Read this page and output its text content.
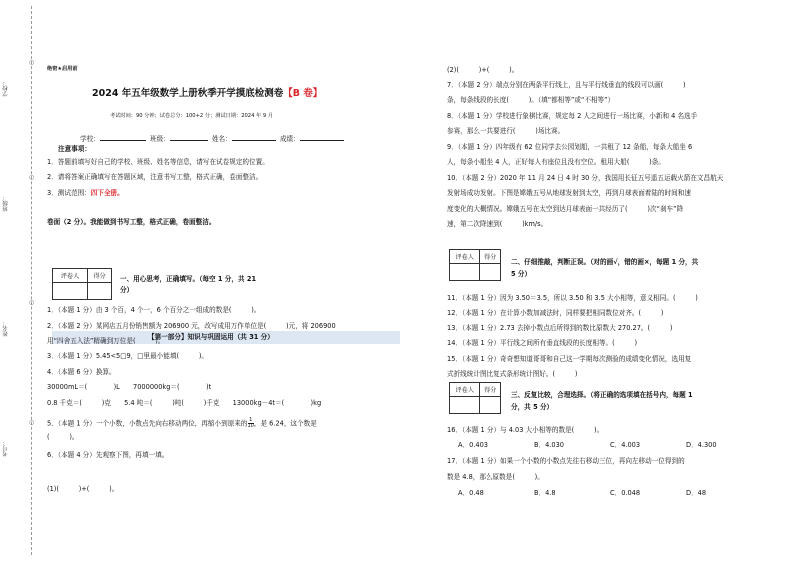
○
○
○
○
学校：
班级：
姓名：
考号：
绝密★启用前
2024 年五年级数学上册秋季开学摸底检测卷【B 卷】
考试时间：90 分钟；试卷总分：100+2 分；测试日期：2024 年 9 月
学校：	班级：	姓名：	成绩：
注意事项：
1．答题前填写好自己的学校、班级、姓名等信息，请写在试卷规定的位置。
2．请将答案正确填写在答题区域，注意书写工整，格式正确，卷面整洁。
3．测试范围：四下全册。
卷面（2 分）。我能做到书写工整，格式正确，卷面整洁。
【第一部分】知识与巩固运用（共 31 分）
评卷人	得分
	一、用心思考，正确填写。（每空 1 分，共 21
分）
1．（本题 1 分）由 3 个百，4 个一，6 个百分之一组成的数是(　　　)。
2．（本题 2 分）某网店五月份销售额为 206900 元，改写成用万作单位是(　　　)元，将 206900
用“四舍五入法”精确到万位是(　　　)。
3．（本题 1 分）5.45<5□9，□里最小能填(　　　)。
4．（本题 6 分）换算。
30000mL＝(　　　　)L　　7000000kg＝(　　　　)t
0.8 千克＝(　　　)克　　5.4 吨＝(　　　)吨(　　　)千克　　13000kg－4t＝(　　　　)kg
5．（本题 1 分）一个小数，小数点先向右移动两位，再缩小到原来的 $\frac{1}{10}$，是 6.24，这个数是
(　　　)。
6．（本题 4 分）先观察下图，再填一填。
(1)(　　　)+(　　　)。
(2)(　　　)+(　　　)。
7．（本题 2 分）端点分别在两条平行线上，且与平行线垂直的线段可以画(　　　)
条，每条线段的长度(　　　)。（填“都相等”或“不相等”）
8．（本题 1 分）学校进行象棋比赛，规定每 2 人之间进行一场比赛，小新和 4 名选手
参赛，那么一共要进行(　　　)场比赛。
9．（本题 1 分）四年级有 62 位同学去公园划船，一共租了 12 条船，每条大船坐 6
人，每条小船坐 4 人，正好每人有座位且没有空位。租用大船(　　　)条。
10．（本题 2 分）2020 年 11 月 24 日 4 时 30 分，我国用长征五号遥五运载火箭在文昌航天
发射场成功发射。下图是嫦娥五号从地球发射到太空，再到月球表面着陆的时间和速
度变化的大概情况。嫦娥五号在太空到达月球表面一共经历了(　　　)次“刹车”降
速，第二次降速到(　　　)km/s。
评卷人	得分

二、仔细推敲，判断正误。（对的画√，错的画×，每题 1 分，共
5 分）
11．（本题 1 分）因为 3.50＝3.5，所以 3.50 和 3.5 大小相等，意义相同。(　　　)
12．（本题 1 分）在计算小数加减法时，同样要把相同数位对齐。(　　　)
13．（本题 1 分）2.73 去掉小数点后所得到的数比原数大 270.27。(　　　)
14．（本题 1 分）平行线之间所有垂直线段的长度相等。(　　　)
15．（本题 1 分）奇奇想知道哥哥和自己这一学期每次测验的成绩变化情况，选用复
式折线统计图比复式条形统计图好。(　　　)
评卷人	得分

三、反复比较，合理选择。（将正确的选项填在括号内，每题 1
分，共 5 分）
16．（本题 1 分）与 4.03 大小相等的数是(　　　)。
A．0.403	B．4.030	C．4.003	D．4.300
17．（本题 1 分）如果一个小数的小数点先往右移动三位，再向左移动一位得到的
数是 4.8，那么原数是(　　　)。
A．0.48	B．4.8	C．0.048	D．48
